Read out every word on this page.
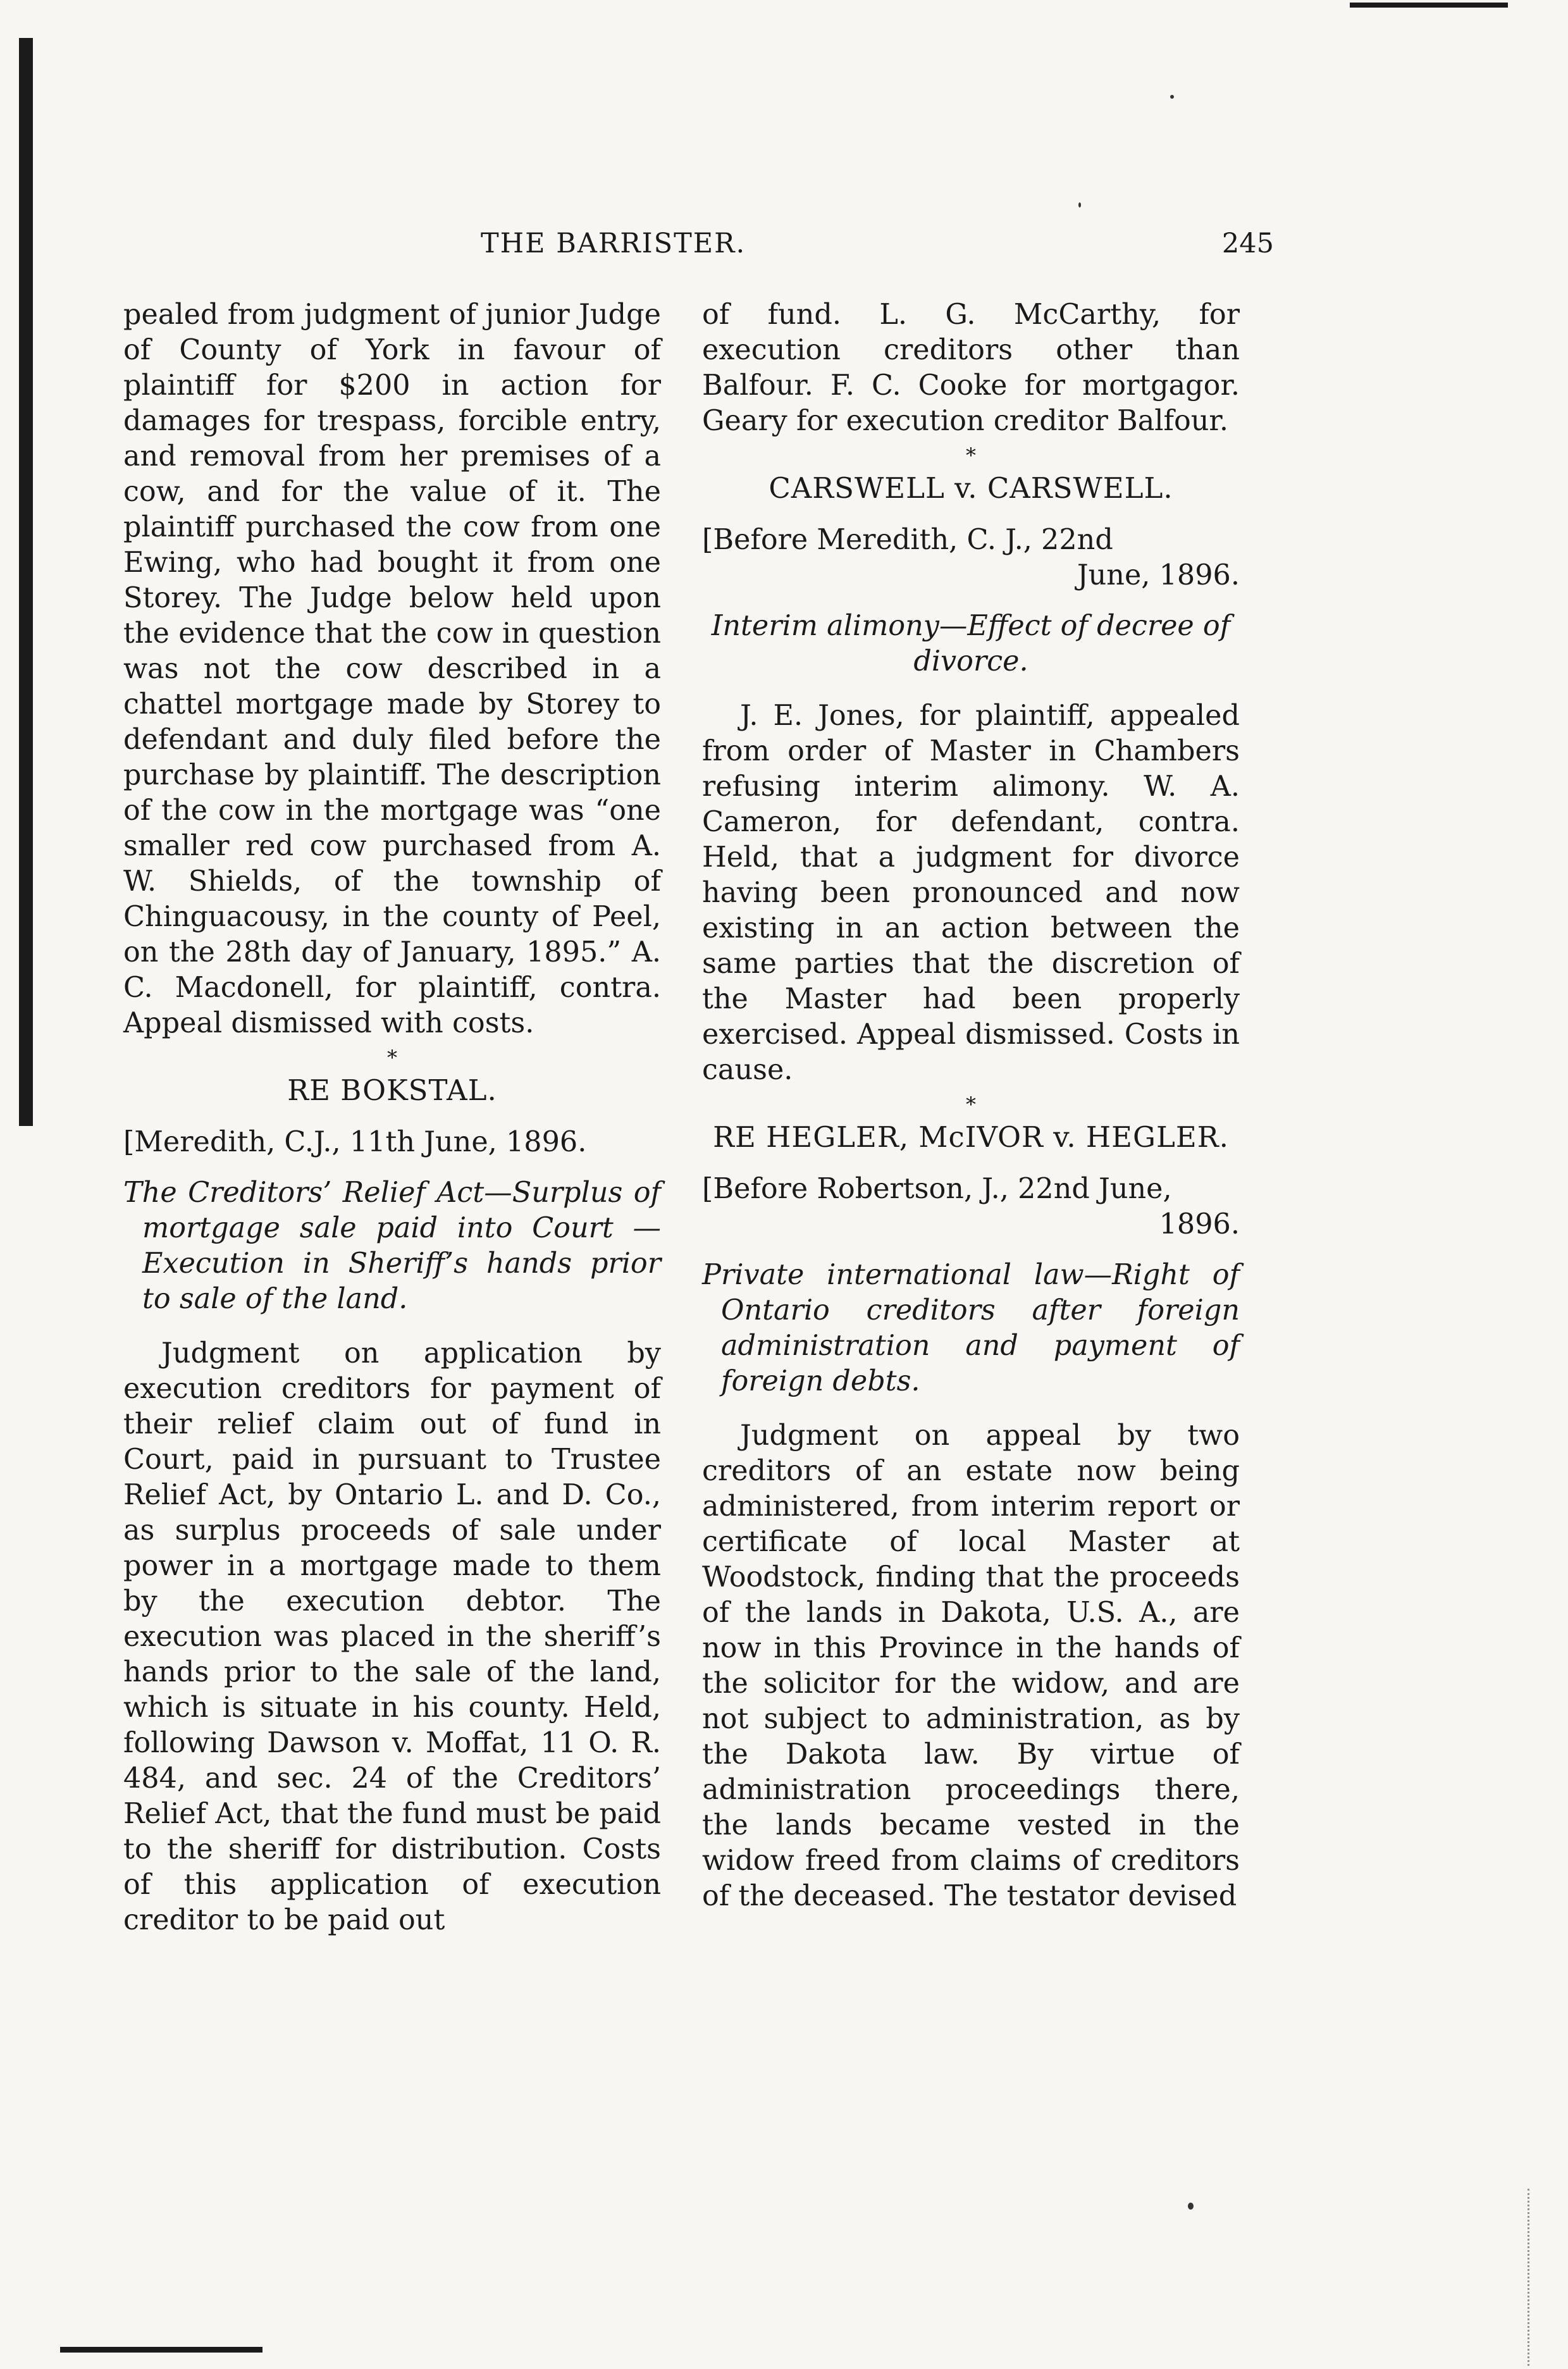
THE BARRISTER.	245

pealed from judgment of junior Judge of County of York in favour of plaintiff for $200 in action for damages for trespass, forcible entry, and removal from her premises of a cow, and for the value of it. The plaintiff purchased the cow from one Ewing, who had bought it from one Storey. The Judge below held upon the evidence that the cow in question was not the cow described in a chattel mortgage made by Storey to defendant and duly filed before the purchase by plaintiff. The description of the cow in the mortgage was “one smaller red cow purchased from A. W. Shields, of the township of Chinguacousy, in the county of Peel, on the 28th day of January, 1895.” A. C. Macdonell, for plaintiff, contra. Appeal dismissed with costs.

*
RE BOKSTAL.
[Meredith, C.J., 11th June, 1896.
The Creditors’ Relief Act—Surplus of mortgage sale paid into Court — Execution in Sheriff’s hands prior to sale of the land.

Judgment on application by execution creditors for payment of their relief claim out of fund in Court, paid in pursuant to Trustee Relief Act, by Ontario L. and D. Co., as surplus proceeds of sale under power in a mortgage made to them by the execution debtor. The execution was placed in the sheriff’s hands prior to the sale of the land, which is situate in his county. Held, following Dawson v. Moffat, 11 O. R. 484, and sec. 24 of the Creditors’ Relief Act, that the fund must be paid to the sheriff for distribution. Costs of this application of execution creditor to be paid out

of fund. L. G. McCarthy, for execution creditors other than Balfour. F. C. Cooke for mortgagor. Geary for execution creditor Balfour.

*
CARSWELL v. CARSWELL.
[Before Meredith, C. J., 22nd
June, 1896.
Interim alimony—Effect of decree of divorce.

J. E. Jones, for plaintiff, appealed from order of Master in Chambers refusing interim alimony. W. A. Cameron, for defendant, contra. Held, that a judgment for divorce having been pronounced and now existing in an action between the same parties that the discretion of the Master had been properly exercised. Appeal dismissed. Costs in cause.

*
RE HEGLER, McIVOR v. HEGLER.
[Before Robertson, J., 22nd June,
1896.
Private international law—Right of Ontario creditors after foreign administration and payment of foreign debts.

Judgment on appeal by two creditors of an estate now being administered, from interim report or certificate of local Master at Woodstock, finding that the proceeds of the lands in Dakota, U.S. A., are now in this Province in the hands of the solicitor for the widow, and are not subject to administration, as by the Dakota law. By virtue of administration proceedings there, the lands became vested in the widow freed from claims of creditors of the deceased. The testator devised
